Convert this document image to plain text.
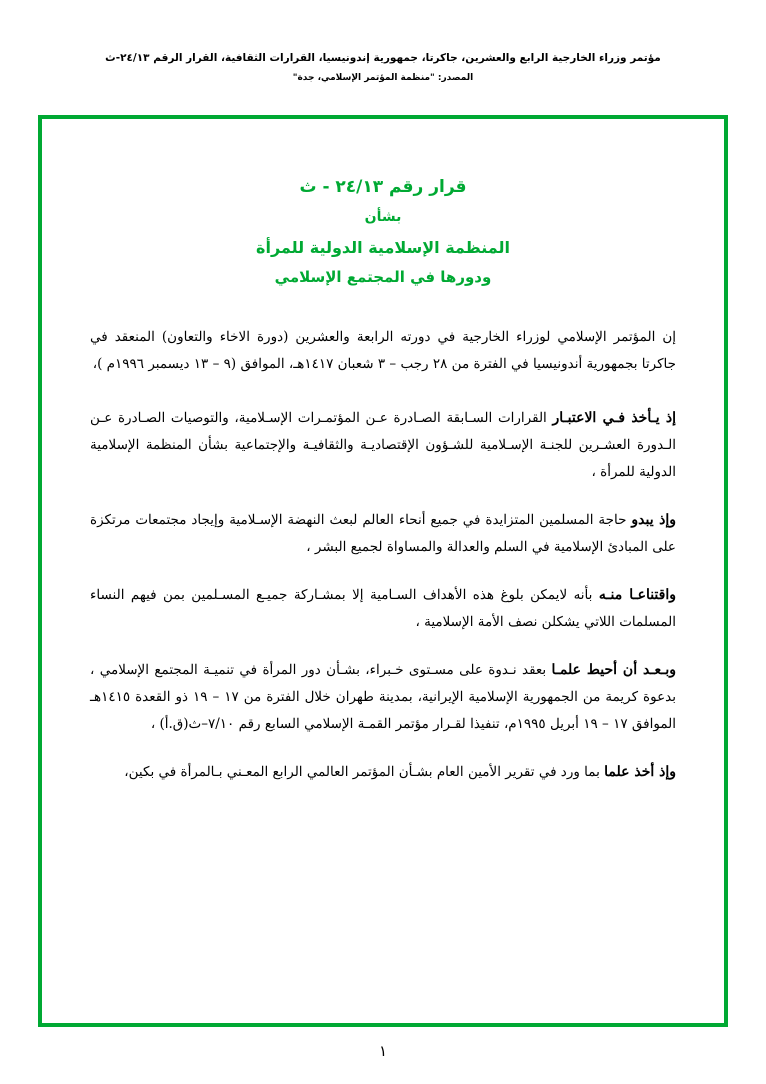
مؤتمر وزراء الخارجية الرابع والعشرين، جاكرتا، جمهورية إندونيسيا، القرارات الثقافية، القرار الرقم ٢٤/١٣-ث
المصدر: "منظمة المؤتمر الإسلامي، جدة"
قرار رقم ٢٤/١٣ - ث
بشأن
المنظمة الإسلامية الدولية للمرأة
ودورها في المجتمع الإسلامي
إن المؤتمر الإسلامي لوزراء الخارجية في دورته الرابعة والعشرين (دورة الاخاء والتعاون) المنعقد في جاكرتا بجمهورية أندونيسيا في الفترة من ٢٨ رجب – ٣ شعبان ١٤١٧هـ، الموافق (٩ – ١٣ ديسمبر ١٩٩٦م )،
إذ يـأخذ فـي الاعتبـار القرارات السـابقة الصـادرة عـن المؤتمـرات الإسـلامية، والتوصيات الصـادرة عـن الـدورة العشـرين للجنـة الإسـلامية للشـؤون الإقتصاديـة والثقافيـة والإجتماعية بشأن المنظمة الإسلامية الدولية للمرأة ،
وإذ يبدو حاجة المسلمين المتزايدة في جميع أنحاء العالم لبعث النهضة الإسـلامية وإيجاد مجتمعات مرتكزة على المبادئ الإسلامية في السلم والعدالة والمساواة لجميع البشر ،
واقتناعـا منـه بأنه لايمكن بلوغ هذه الأهداف السـامية إلا بمشـاركة جميـع المسـلمين بمن فيهم النساء المسلمات اللاتي يشكلن نصف الأمة الإسلامية ،
وبـعـد أن أحيط علمـا بعقد نـدوة على مسـتوى خـبراء، بشـأن دور المرأة في تنميـة المجتمع الإسلامي ، بدعوة كريمة من الجمهورية الإسلامية الإيرانية، بمدينة طهران خلال الفترة من ١٧ – ١٩ ذو القعدة ١٤١٥هـ الموافق ١٧ – ١٩ أبريل ١٩٩٥م، تنفيذا لقـرار مؤتمر القمـة الإسلامي السابع رقم ٧/١٠–ث(ق.أ) ،
وإذ أخذ علما بما ورد في تقرير الأمين العام بشـأن المؤتمر العالمي الرابع المعـني بـالمرأة في بكين،
١
